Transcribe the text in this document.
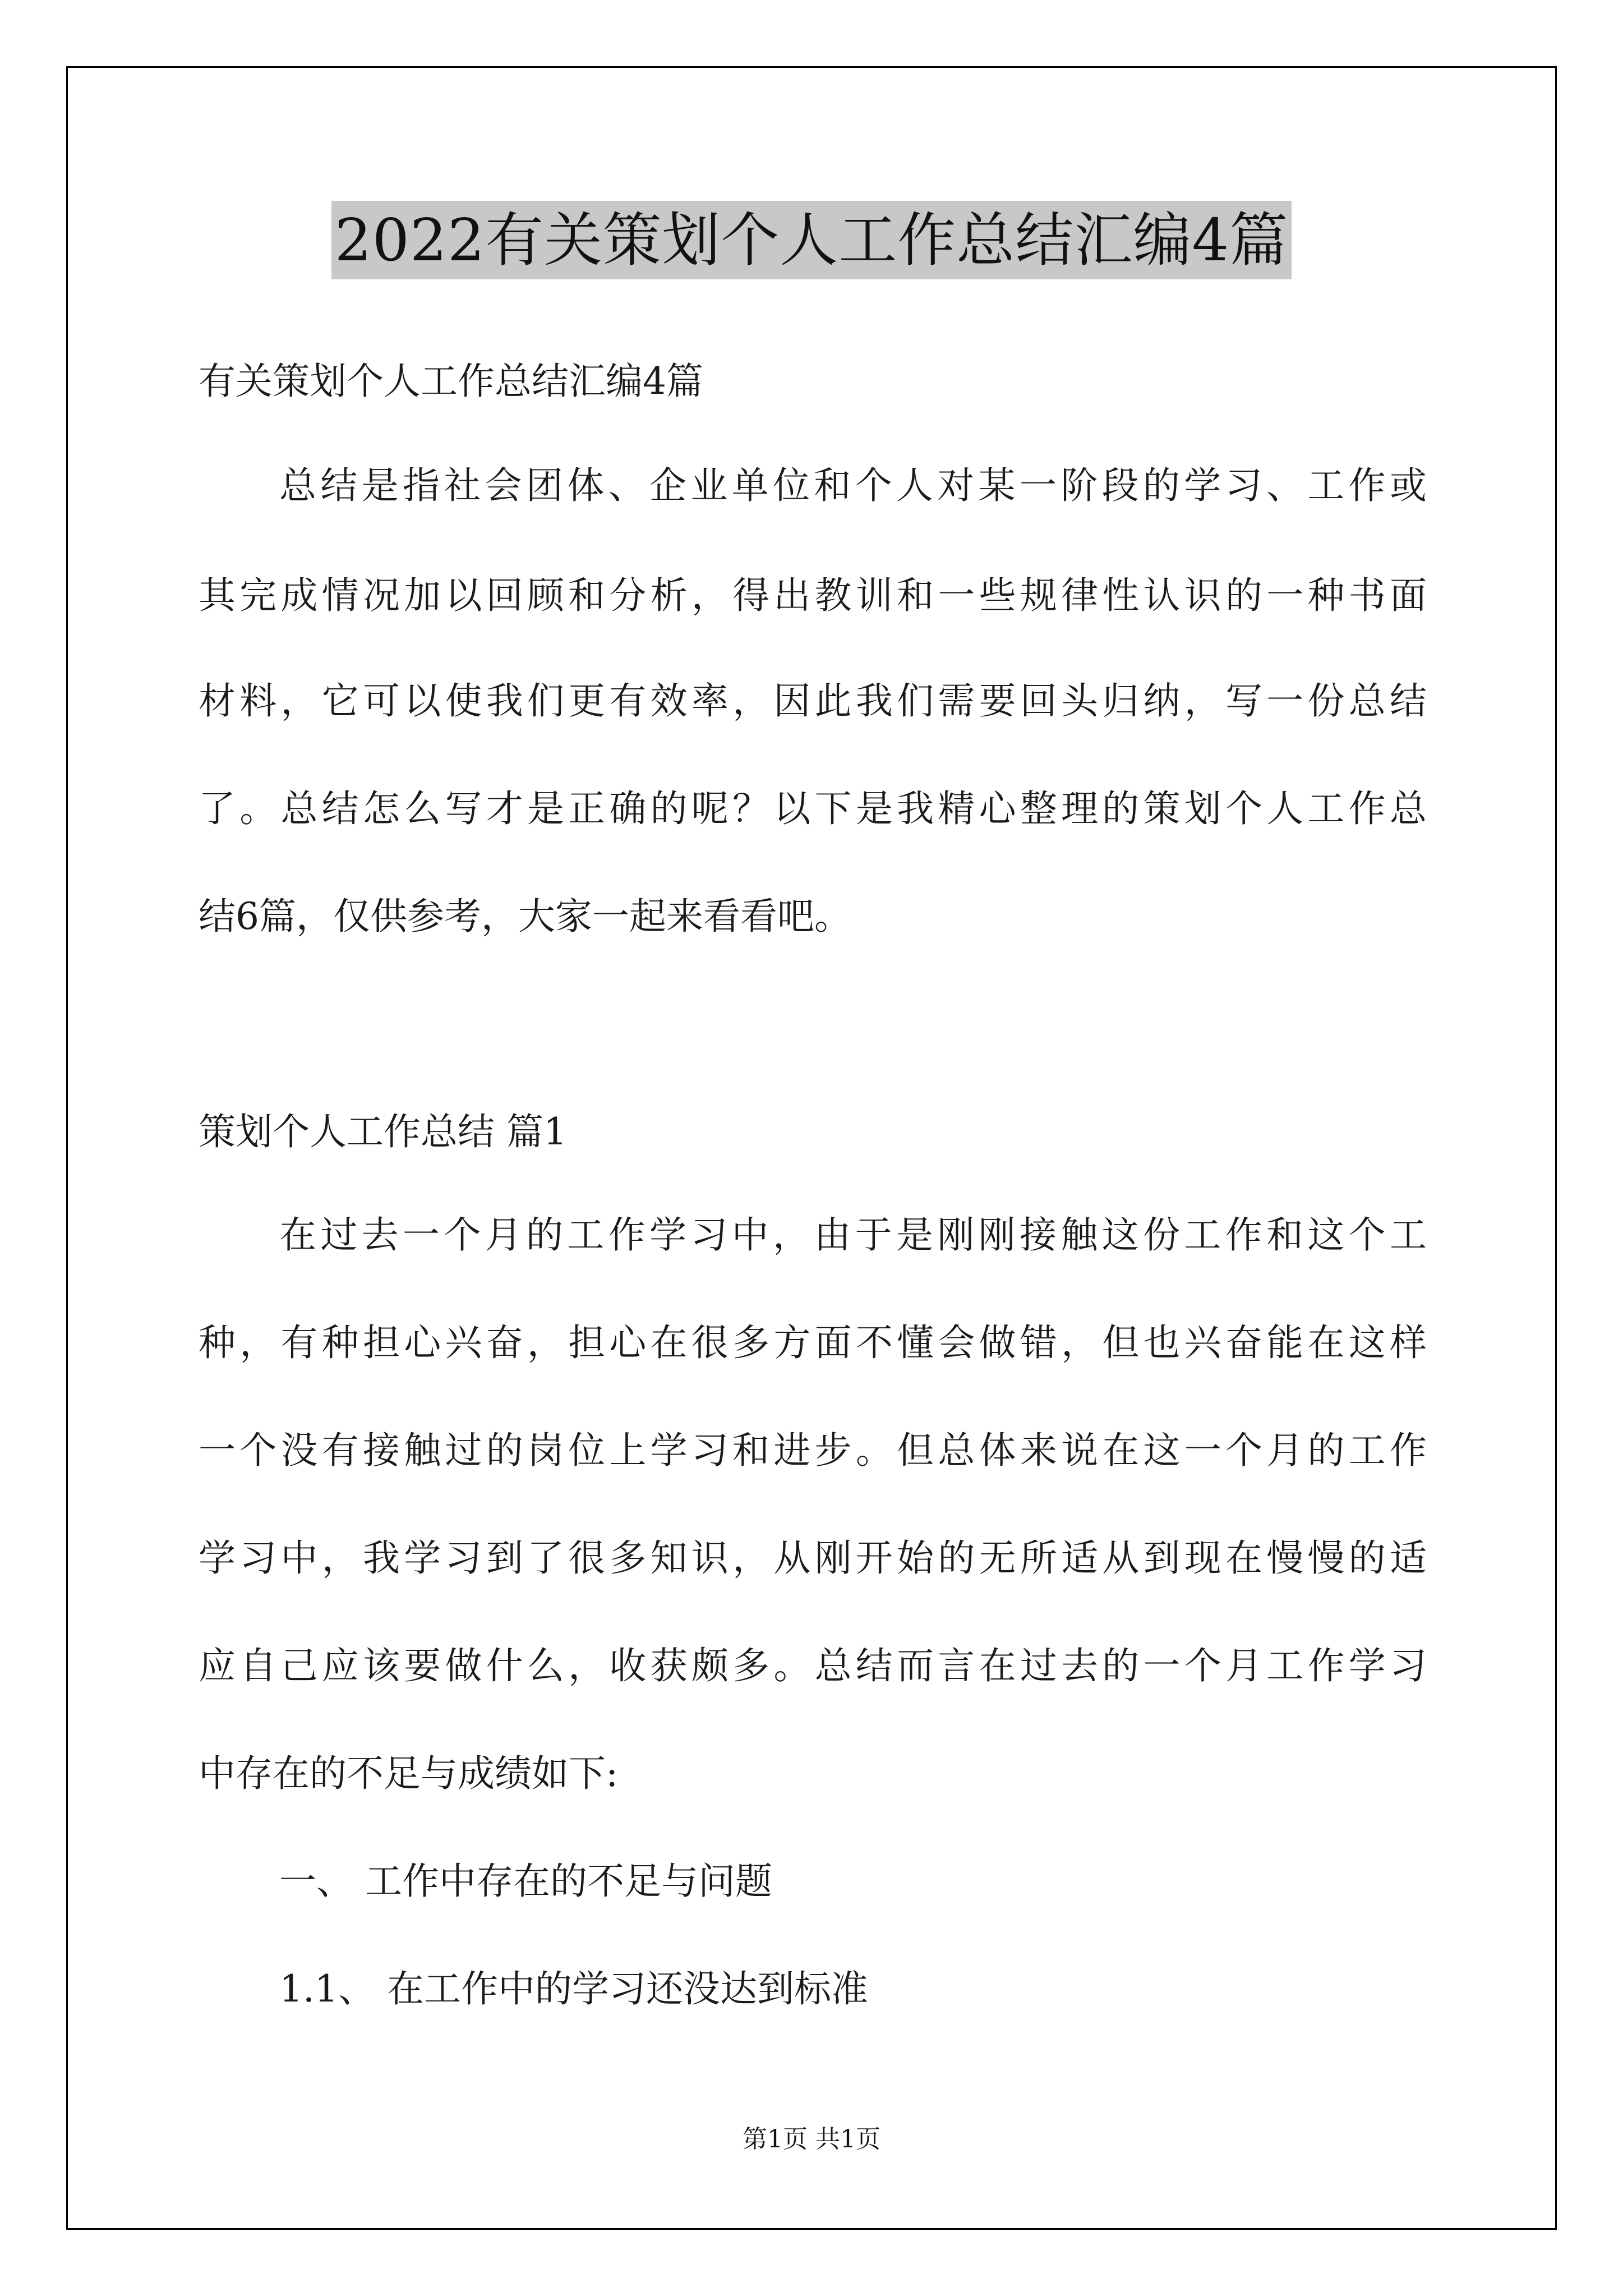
2022有关策划个人工作总结汇编4篇
有关策划个人工作总结汇编4篇
总结是指社会团体、企业单位和个人对某一阶段的学习、工作或
其完成情况加以回顾和分析，得出教训和一些规律性认识的一种书面
材料，它可以使我们更有效率，因此我们需要回头归纳，写一份总结
了。总结怎么写才是正确的呢？以下是我精心整理的策划个人工作总
结6篇，仅供参考，大家一起来看看吧。
策划个人工作总结 篇1
在过去一个月的工作学习中，由于是刚刚接触这份工作和这个工
种，有种担心兴奋，担心在很多方面不懂会做错，但也兴奋能在这样
一个没有接触过的岗位上学习和进步。但总体来说在这一个月的工作
学习中，我学习到了很多知识，从刚开始的无所适从到现在慢慢的适
应自己应该要做什么，收获颇多。总结而言在过去的一个月工作学习
中存在的不足与成绩如下:
一、 工作中存在的不足与问题
1.1、 在工作中的学习还没达到标准
第1页 共1页
